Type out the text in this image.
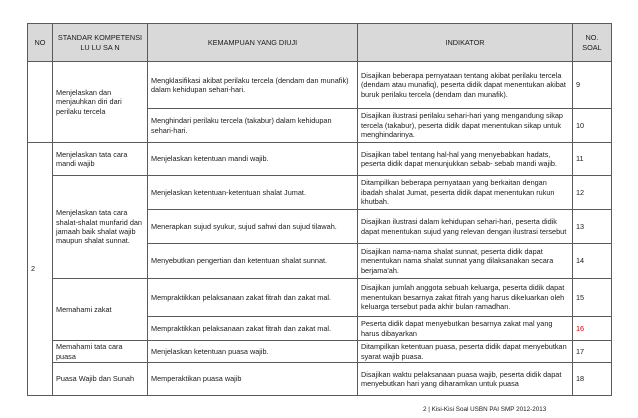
NO	STANDAR KOMPETENSI LU LU SA N	KEMAMPUAN YANG DIUJI	INDIKATOR	NO. SOAL
	Menjelaskan dan menjauhkan diri dari perilaku tercela	Mengklasifikasi akibat perilaku tercela (dendam dan munafik) dalam kehidupan sehari-hari.	Disajikan beberapa pernyataan tentang akibat perilaku tercela (dendam atau munafiq), peserta didik dapat menentukan akibat buruk perilaku tercela (dendam dan munafik).	9
		Menghindari perilaku tercela (takabur) dalam kehidupan sehari-hari.	Disajikan ilustrasi perilaku sehari-hari yang mengandung sikap tercela (takabur), peserta didik dapat menentukan sikap untuk menghindarinya.	10
2	Menjelaskan tata cara mandi wajib	Menjelaskan ketentuan mandi wajib.	Disajikan tabel tentang hal-hal yang menyebabkan hadats, peserta didik dapat menunjukkan sebab- sebab mandi wajib.	11
	Menjelaskan tata cara shalat-shalat munfarid dan jamaah baik shalat wajib maupun shalat sunnat.	Menjelaskan ketentuan-ketentuan shalat Jumat.	Ditampilkan beberapa pernyataan yang berkaitan dengan ibadah shalat Jumat, peserta didik dapat menentukan rukun khutbah.	12
		Menerapkan sujud syukur, sujud sahwi dan sujud tilawah.	Disajikan ilustrasi dalam kehidupan sehari-hari, peserta didik dapat menentukan sujud yang relevan dengan ilustrasi tersebut	13
		Menyebutkan pengertian dan ketentuan shalat sunnat.	Disajikan nama-nama shalat sunnat, peserta didik dapat menentukan nama shalat sunnat yang dilaksanakan secara berjama'ah.	14
	Memahami zakat	Mempraktikkan pelaksanaan zakat fitrah dan zakat mal.	Disajikan jumlah anggota sebuah keluarga, peserta didik dapat menentukan besarnya zakat fitrah yang harus dikeluarkan oleh keluarga tersebut pada akhir bulan ramadhan.	15
		Mempraktikkan pelaksanaan zakat fitrah dan zakat mal.	Peserta didik dapat menyebutkan besarnya zakat mal yang harus dibayarkan	16
	Memahami tata cara puasa	Menjelaskan ketentuan puasa wajib.	Ditampilkan ketentuan puasa, peserta didik dapat menyebutkan syarat wajib puasa.	17
	Puasa Wajib dan Sunah	Memperaktikan puasa wajib	Disajikan waktu pelaksanaan puasa wajib, peserta didik dapat menyebutkan hari yang diharamkan untuk puasa	18
2 | Kisi-Kisi Soal USBN PAI SMP 2012-2013
